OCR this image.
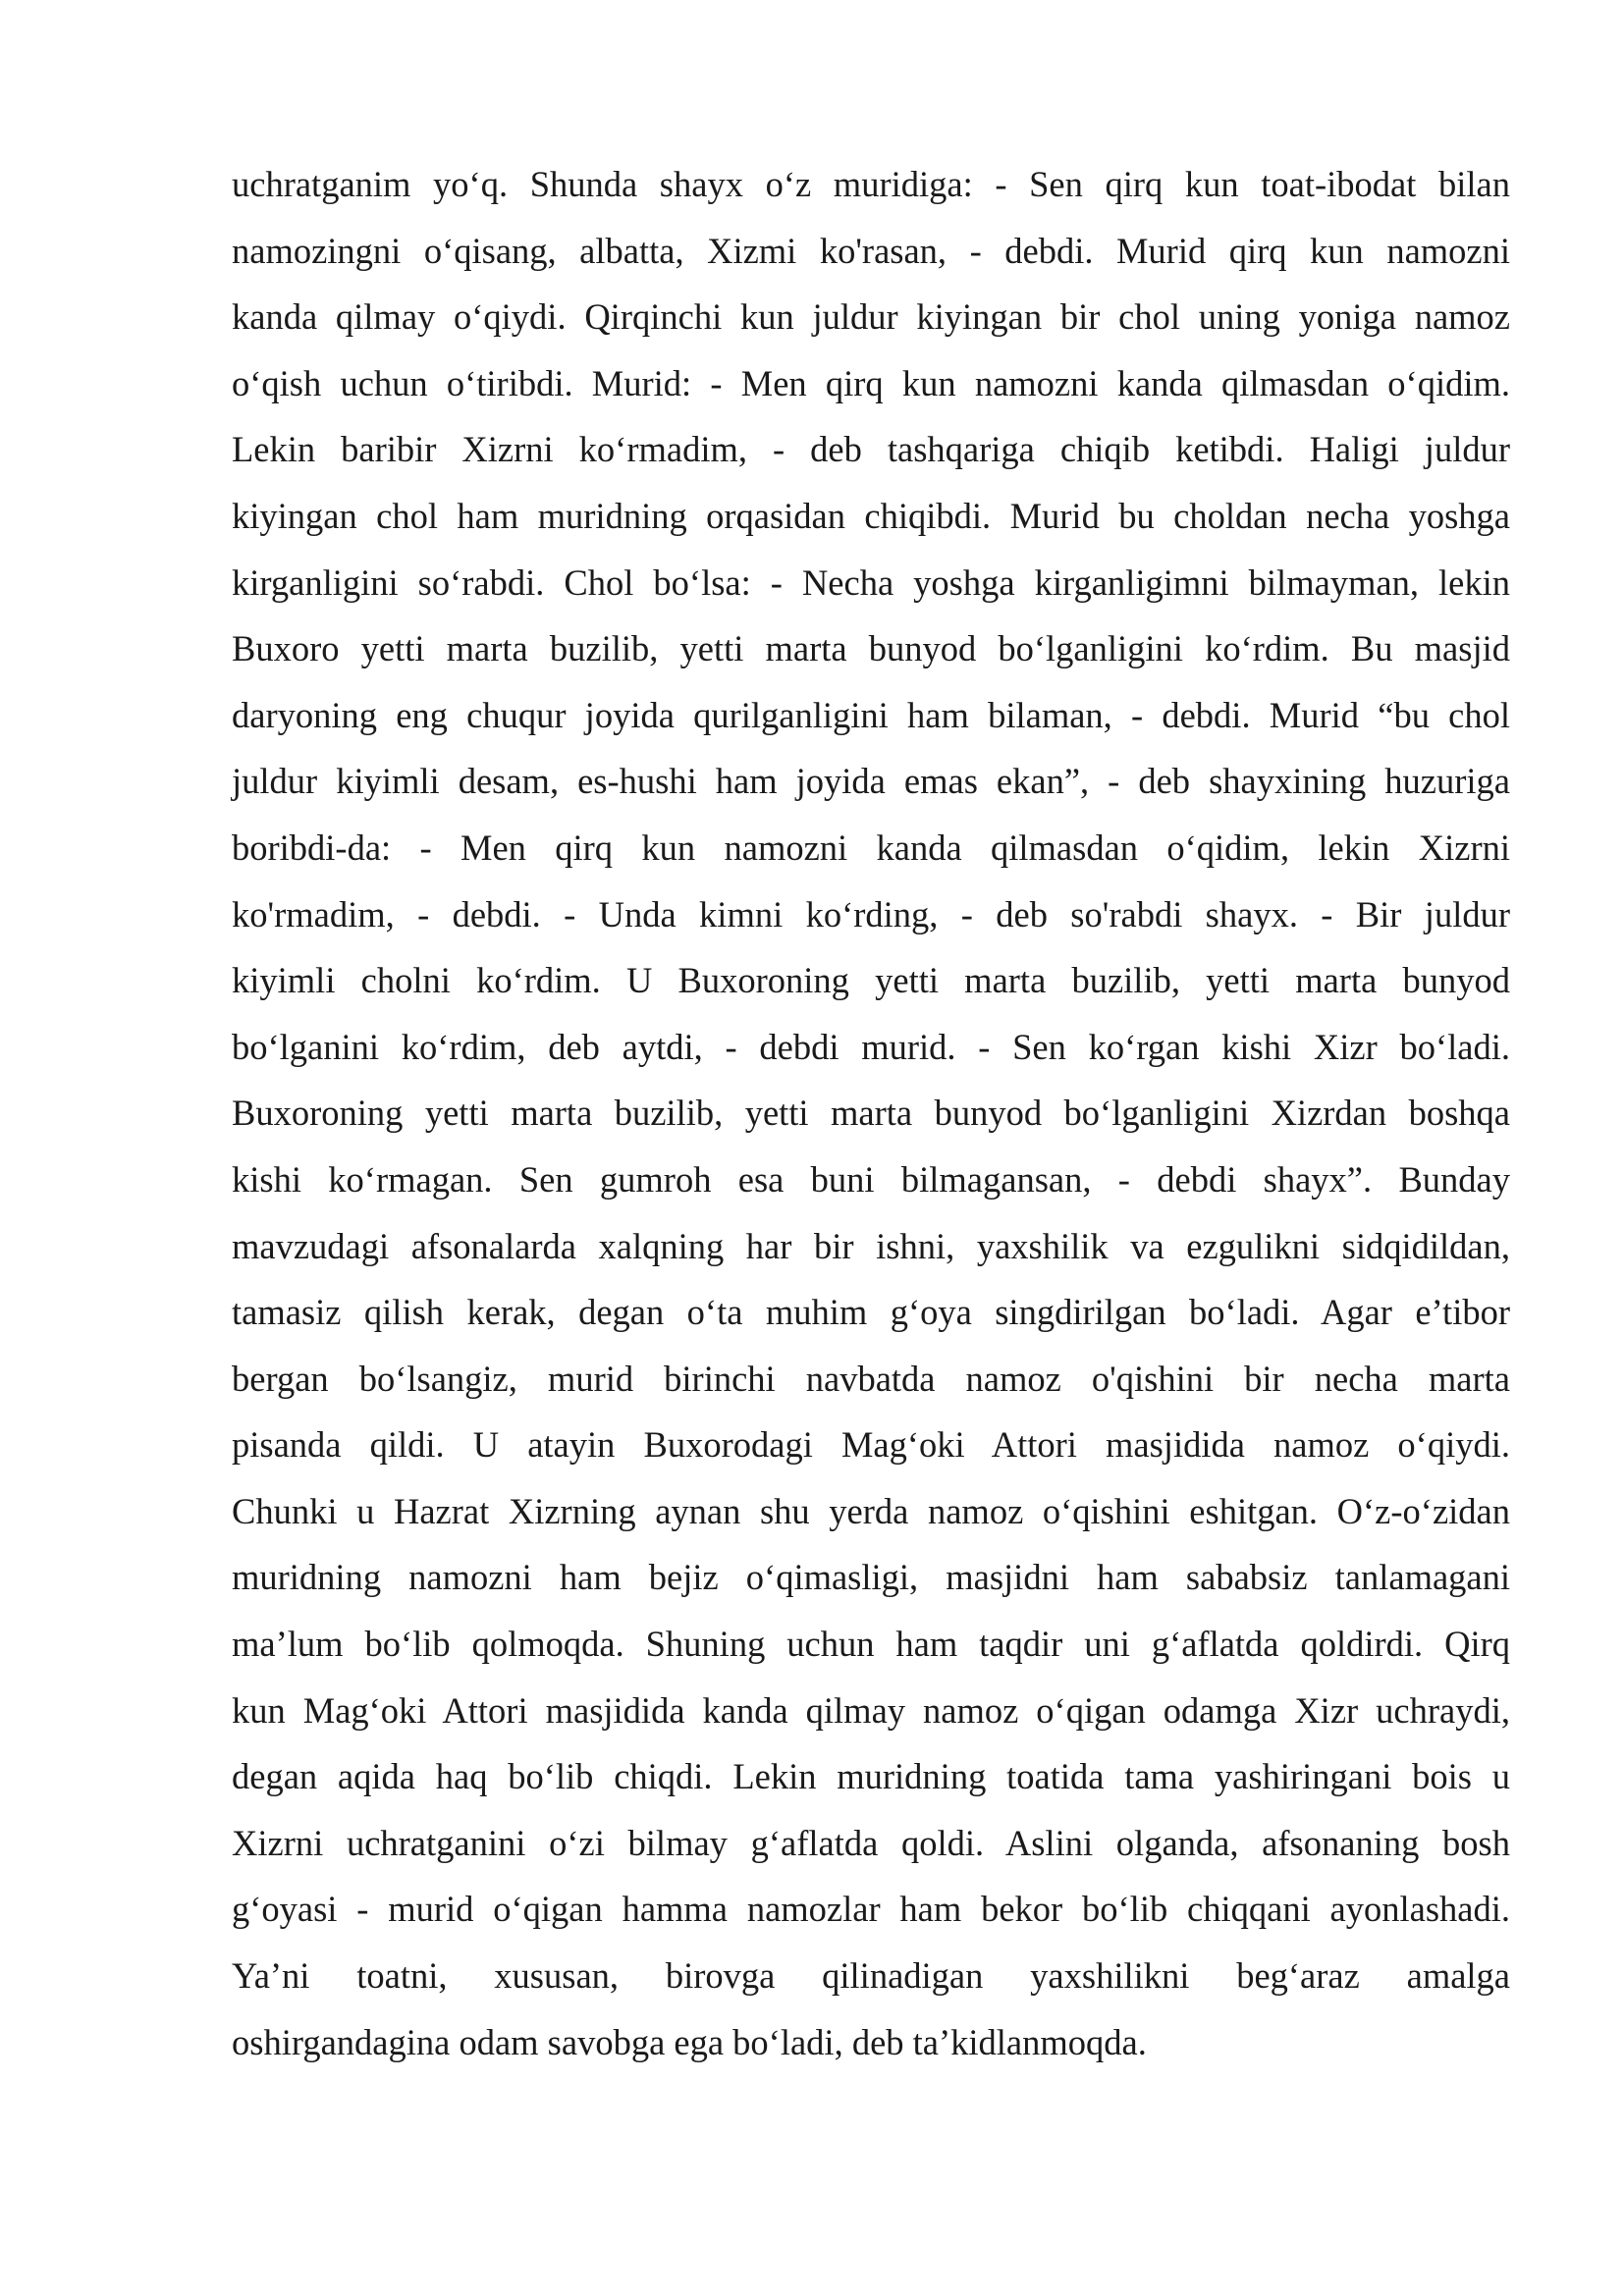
uchratganim yo‘q. Shunda shayx o‘z muridiga: - Sen qirq kun toat-ibodat bilan
namozingni o‘qisang, albatta, Xizmi ko'rasan, - debdi. Murid qirq kun namozni
kanda qilmay o‘qiydi. Qirqinchi kun juldur kiyingan bir chol uning yoniga namoz
o‘qish uchun o‘tiribdi. Murid: - Men qirq kun namozni kanda qilmasdan o‘qidim.
Lekin baribir Xizrni ko‘rmadim, - deb tashqariga chiqib ketibdi. Haligi juldur
kiyingan chol ham muridning orqasidan chiqibdi. Murid bu choldan necha yoshga
kirganligini so‘rabdi. Chol bo‘lsa: - Necha yoshga kirganligimni bilmayman, lekin
Buxoro yetti marta buzilib, yetti marta bunyod bo‘lganligini ko‘rdim. Bu masjid
daryoning eng chuqur joyida qurilganligini ham bilaman, - debdi. Murid “bu chol
juldur kiyimli desam, es-hushi ham joyida emas ekan”, - deb shayxining huzuriga
boribdi-da: - Men qirq kun namozni kanda qilmasdan o‘qidim, lekin Xizrni
ko'rmadim, - debdi. - Unda kimni ko‘rding, - deb so'rabdi shayx. - Bir juldur
kiyimli cholni ko‘rdim. U Buxoroning yetti marta buzilib, yetti marta bunyod
bo‘lganini ko‘rdim, deb aytdi, - debdi murid. - Sen ko‘rgan kishi Xizr bo‘ladi.
Buxoroning yetti marta buzilib, yetti marta bunyod bo‘lganligini Xizrdan boshqa
kishi ko‘rmagan. Sen gumroh esa buni bilmagansan, - debdi shayx”. Bunday
mavzudagi afsonalarda xalqning har bir ishni, yaxshilik va ezgulikni sidqidildan,
tamasiz qilish kerak, degan o‘ta muhim g‘oya singdirilgan bo‘ladi. Agar e’tibor
bergan bo‘lsangiz, murid birinchi navbatda namoz o'qishini bir necha marta
pisanda qildi. U atayin Buxorodagi Mag‘oki Attori masjidida namoz o‘qiydi.
Chunki u Hazrat Xizrning aynan shu yerda namoz o‘qishini eshitgan. O‘z-o‘zidan
muridning namozni ham bejiz o‘qimasligi, masjidni ham sababsiz tanlamagani
ma’lum bo‘lib qolmoqda. Shuning uchun ham taqdir uni g‘aflatda qoldirdi. Qirq
kun Mag‘oki Attori masjidida kanda qilmay namoz o‘qigan odamga Xizr uchraydi,
degan aqida haq bo‘lib chiqdi. Lekin muridning toatida tama yashiringani bois u
Xizrni uchratganini o‘zi bilmay g‘aflatda qoldi. Aslini olganda, afsonaning bosh
g‘oyasi - murid o‘qigan hamma namozlar ham bekor bo‘lib chiqqani ayonlashadi.
Ya’ni toatni, xususan, birovga qilinadigan yaxshilikni beg‘araz amalga
oshirgandagina odam savobga ega bo‘ladi, deb ta’kidlanmoqda.
